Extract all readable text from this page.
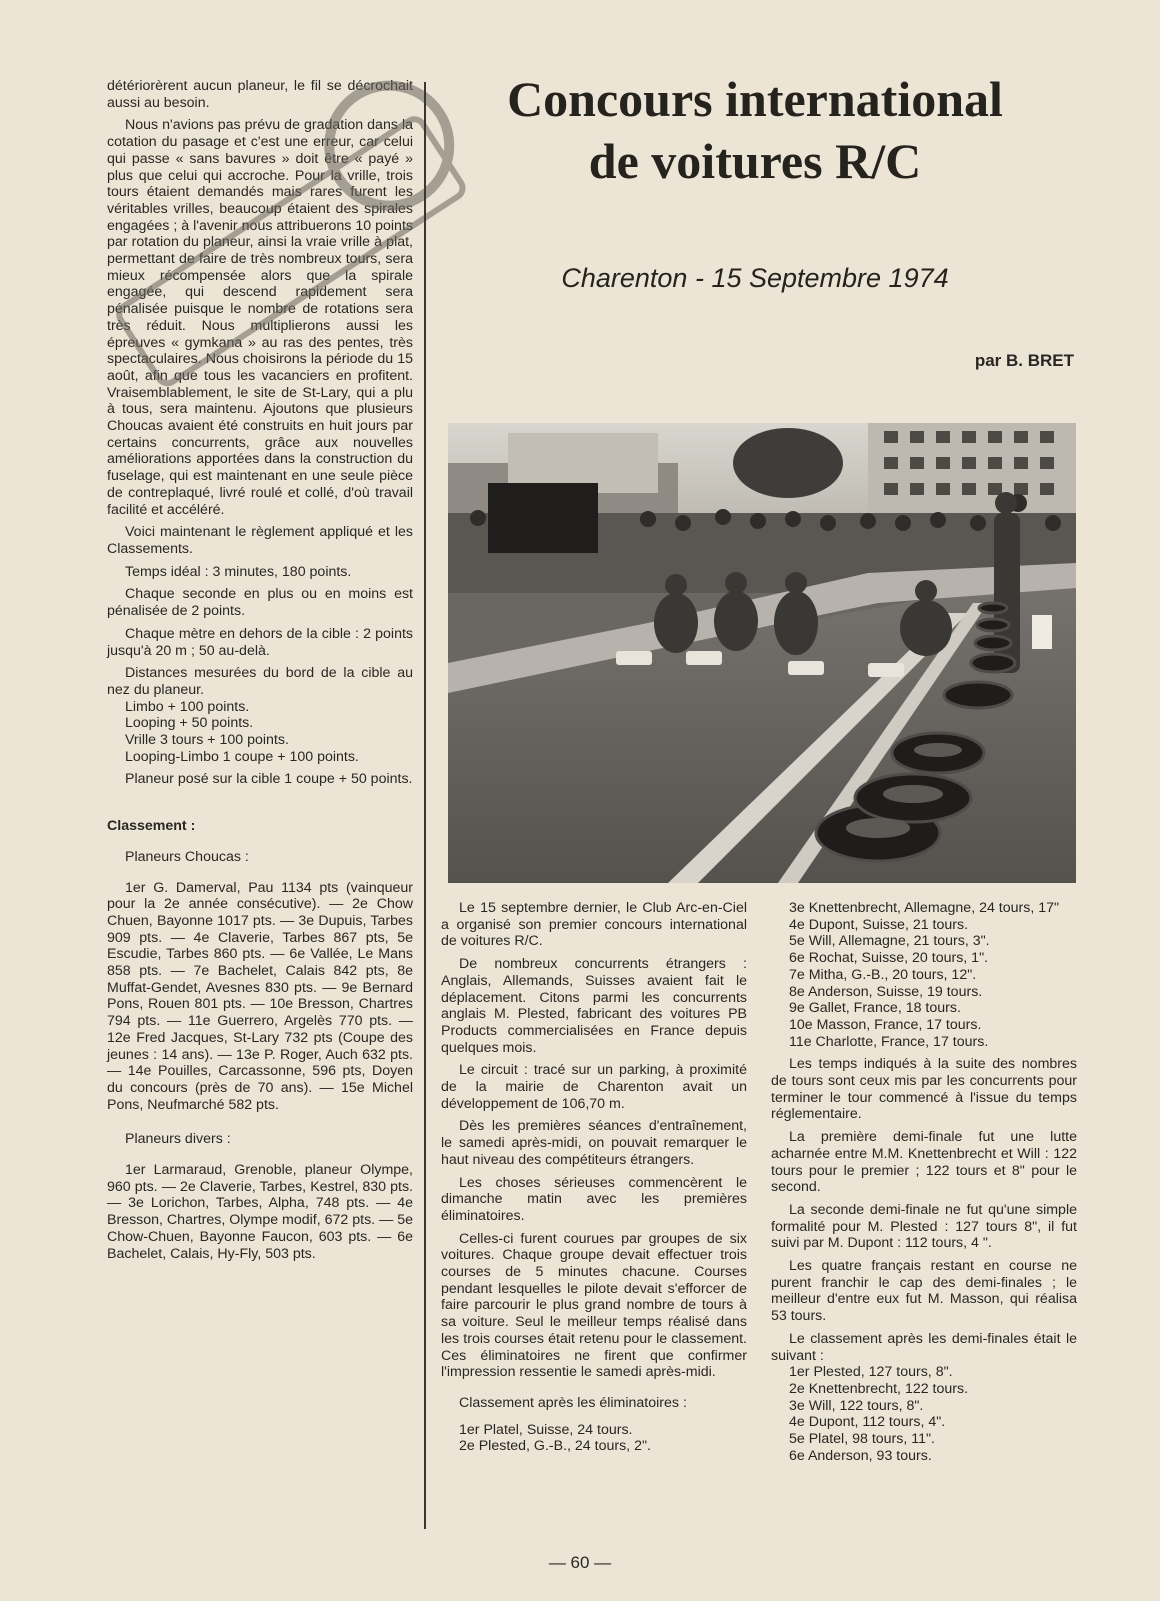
détériorèrent aucun planeur, le fil se décrochait aussi au besoin.

Nous n'avions pas prévu de gradation dans la cotation du pasage et c'est une erreur, car celui qui passe « sans bavures » doit être « payé » plus que celui qui accroche. Pour la vrille, trois tours étaient demandés mais rares furent les véritables vrilles, beaucoup étaient des spirales engagées ; à l'avenir nous attribuerons 10 points par rotation du planeur, ainsi la vraie vrille à plat, permettant de faire de très nombreux tours, sera mieux récompensée alors que la spirale engagée, qui descend rapidement sera pénalisée puisque le nombre de rotations sera très réduit. Nous multiplierons aussi les épreuves « gymkana » au ras des pentes, très spectaculaires. Nous choisirons la période du 15 août, afin que tous les vacanciers en profitent. Vraisemblablement, le site de St-Lary, qui a plu à tous, sera maintenu. Ajoutons que plusieurs Choucas avaient été construits en huit jours par certains concurrents, grâce aux nouvelles améliorations apportées dans la construction du fuselage, qui est maintenant en une seule pièce de contreplaqué, livré roulé et collé, d'où travail facilité et accéléré.

Voici maintenant le règlement appliqué et les Classements.

Temps idéal : 3 minutes, 180 points.

Chaque seconde en plus ou en moins est pénalisée de 2 points.

Chaque mètre en dehors de la cible : 2 points jusqu'à 20 m ; 50 au-delà.

Distances mesurées du bord de la cible au nez du planeur.

Limbo + 100 points.
Looping + 50 points.
Vrille 3 tours + 100 points.

Looping-Limbo 1 coupe + 100 points.

Planeur posé sur la cible 1 coupe + 50 points.

Classement :

Planeurs Choucas :

1er G. Damerval, Pau 1134 pts (vainqueur pour la 2e année consécutive). — 2e Chow Chuen, Bayonne 1017 pts. — 3e Dupuis, Tarbes 909 pts. — 4e Claverie, Tarbes 867 pts, 5e Escudie, Tarbes 860 pts. — 6e Vallée, Le Mans 858 pts. — 7e Bachelet, Calais 842 pts, 8e Muffat-Gendet, Avesnes 830 pts. — 9e Bernard Pons, Rouen 801 pts. — 10e Bresson, Chartres 794 pts. — 11e Guerrero, Argelès 770 pts. — 12e Fred Jacques, St-Lary 732 pts (Coupe des jeunes : 14 ans). — 13e P. Roger, Auch 632 pts. — 14e Pouilles, Carcassonne, 596 pts, Doyen du concours (près de 70 ans). — 15e Michel Pons, Neufmarché 582 pts.

Planeurs divers :

1er Larmaraud, Grenoble, planeur Olympe, 960 pts. — 2e Claverie, Tarbes, Kestrel, 830 pts. — 3e Lorichon, Tarbes, Alpha, 748 pts. — 4e Bresson, Chartres, Olympe modif, 672 pts. — 5e Chow-Chuen, Bayonne Faucon, 603 pts. — 6e Bachelet, Calais, Hy-Fly, 503 pts.

Concours international
de voitures R/C
Charenton - 15 Septembre 1974
par B. BRET

Le 15 septembre dernier, le Club Arc-en-Ciel a organisé son premier concours international de voitures R/C.

De nombreux concurrents étrangers : Anglais, Allemands, Suisses avaient fait le déplacement. Citons parmi les concurrents anglais M. Plested, fabricant des voitures PB Products commercialisées en France depuis quelques mois.

Le circuit : tracé sur un parking, à proximité de la mairie de Charenton avait un développement de 106,70 m.

Dès les premières séances d'entraînement, le samedi après-midi, on pouvait remarquer le haut niveau des compétiteurs étrangers.

Les choses sérieuses commencèrent le dimanche matin avec les premières éliminatoires.

Celles-ci furent courues par groupes de six voitures. Chaque groupe devait effectuer trois courses de 5 minutes chacune. Courses pendant lesquelles le pilote devait s'efforcer de faire parcourir le plus grand nombre de tours à sa voiture. Seul le meilleur temps réalisé dans les trois courses était retenu pour le classement. Ces éliminatoires ne firent que confirmer l'impression ressentie le samedi après-midi.

Classement après les éliminatoires :

1er Platel, Suisse, 24 tours.
2e Plested, G.-B., 24 tours, 2".

3e Knettenbrecht, Allemagne, 24 tours, 17"

4e Dupont, Suisse, 21 tours.
5e Will, Allemagne, 21 tours, 3".
6e Rochat, Suisse, 20 tours, 1".
7e Mitha, G.-B., 20 tours, 12".
8e Anderson, Suisse, 19 tours.
9e Gallet, France, 18 tours.
10e Masson, France, 17 tours.
11e Charlotte, France, 17 tours.

Les temps indiqués à la suite des nombres de tours sont ceux mis par les concurrents pour terminer le tour commencé à l'issue du temps réglementaire.

La première demi-finale fut une lutte acharnée entre M.M. Knettenbrecht et Will : 122 tours pour le premier ; 122 tours et 8" pour le second.

La seconde demi-finale ne fut qu'une simple formalité pour M. Plested : 127 tours 8", il fut suivi par M. Dupont : 112 tours, 4 ".

Les quatre français restant en course ne purent franchir le cap des demi-finales ; le meilleur d'entre eux fut M. Masson, qui réalisa 53 tours.

Le classement après les demi-finales était le suivant :

1er Plested, 127 tours, 8".
2e Knettenbrecht, 122 tours.
3e Will, 122 tours, 8".
4e Dupont, 112 tours, 4".
5e Platel, 98 tours, 11".
6e Anderson, 93 tours.
— 60 —
